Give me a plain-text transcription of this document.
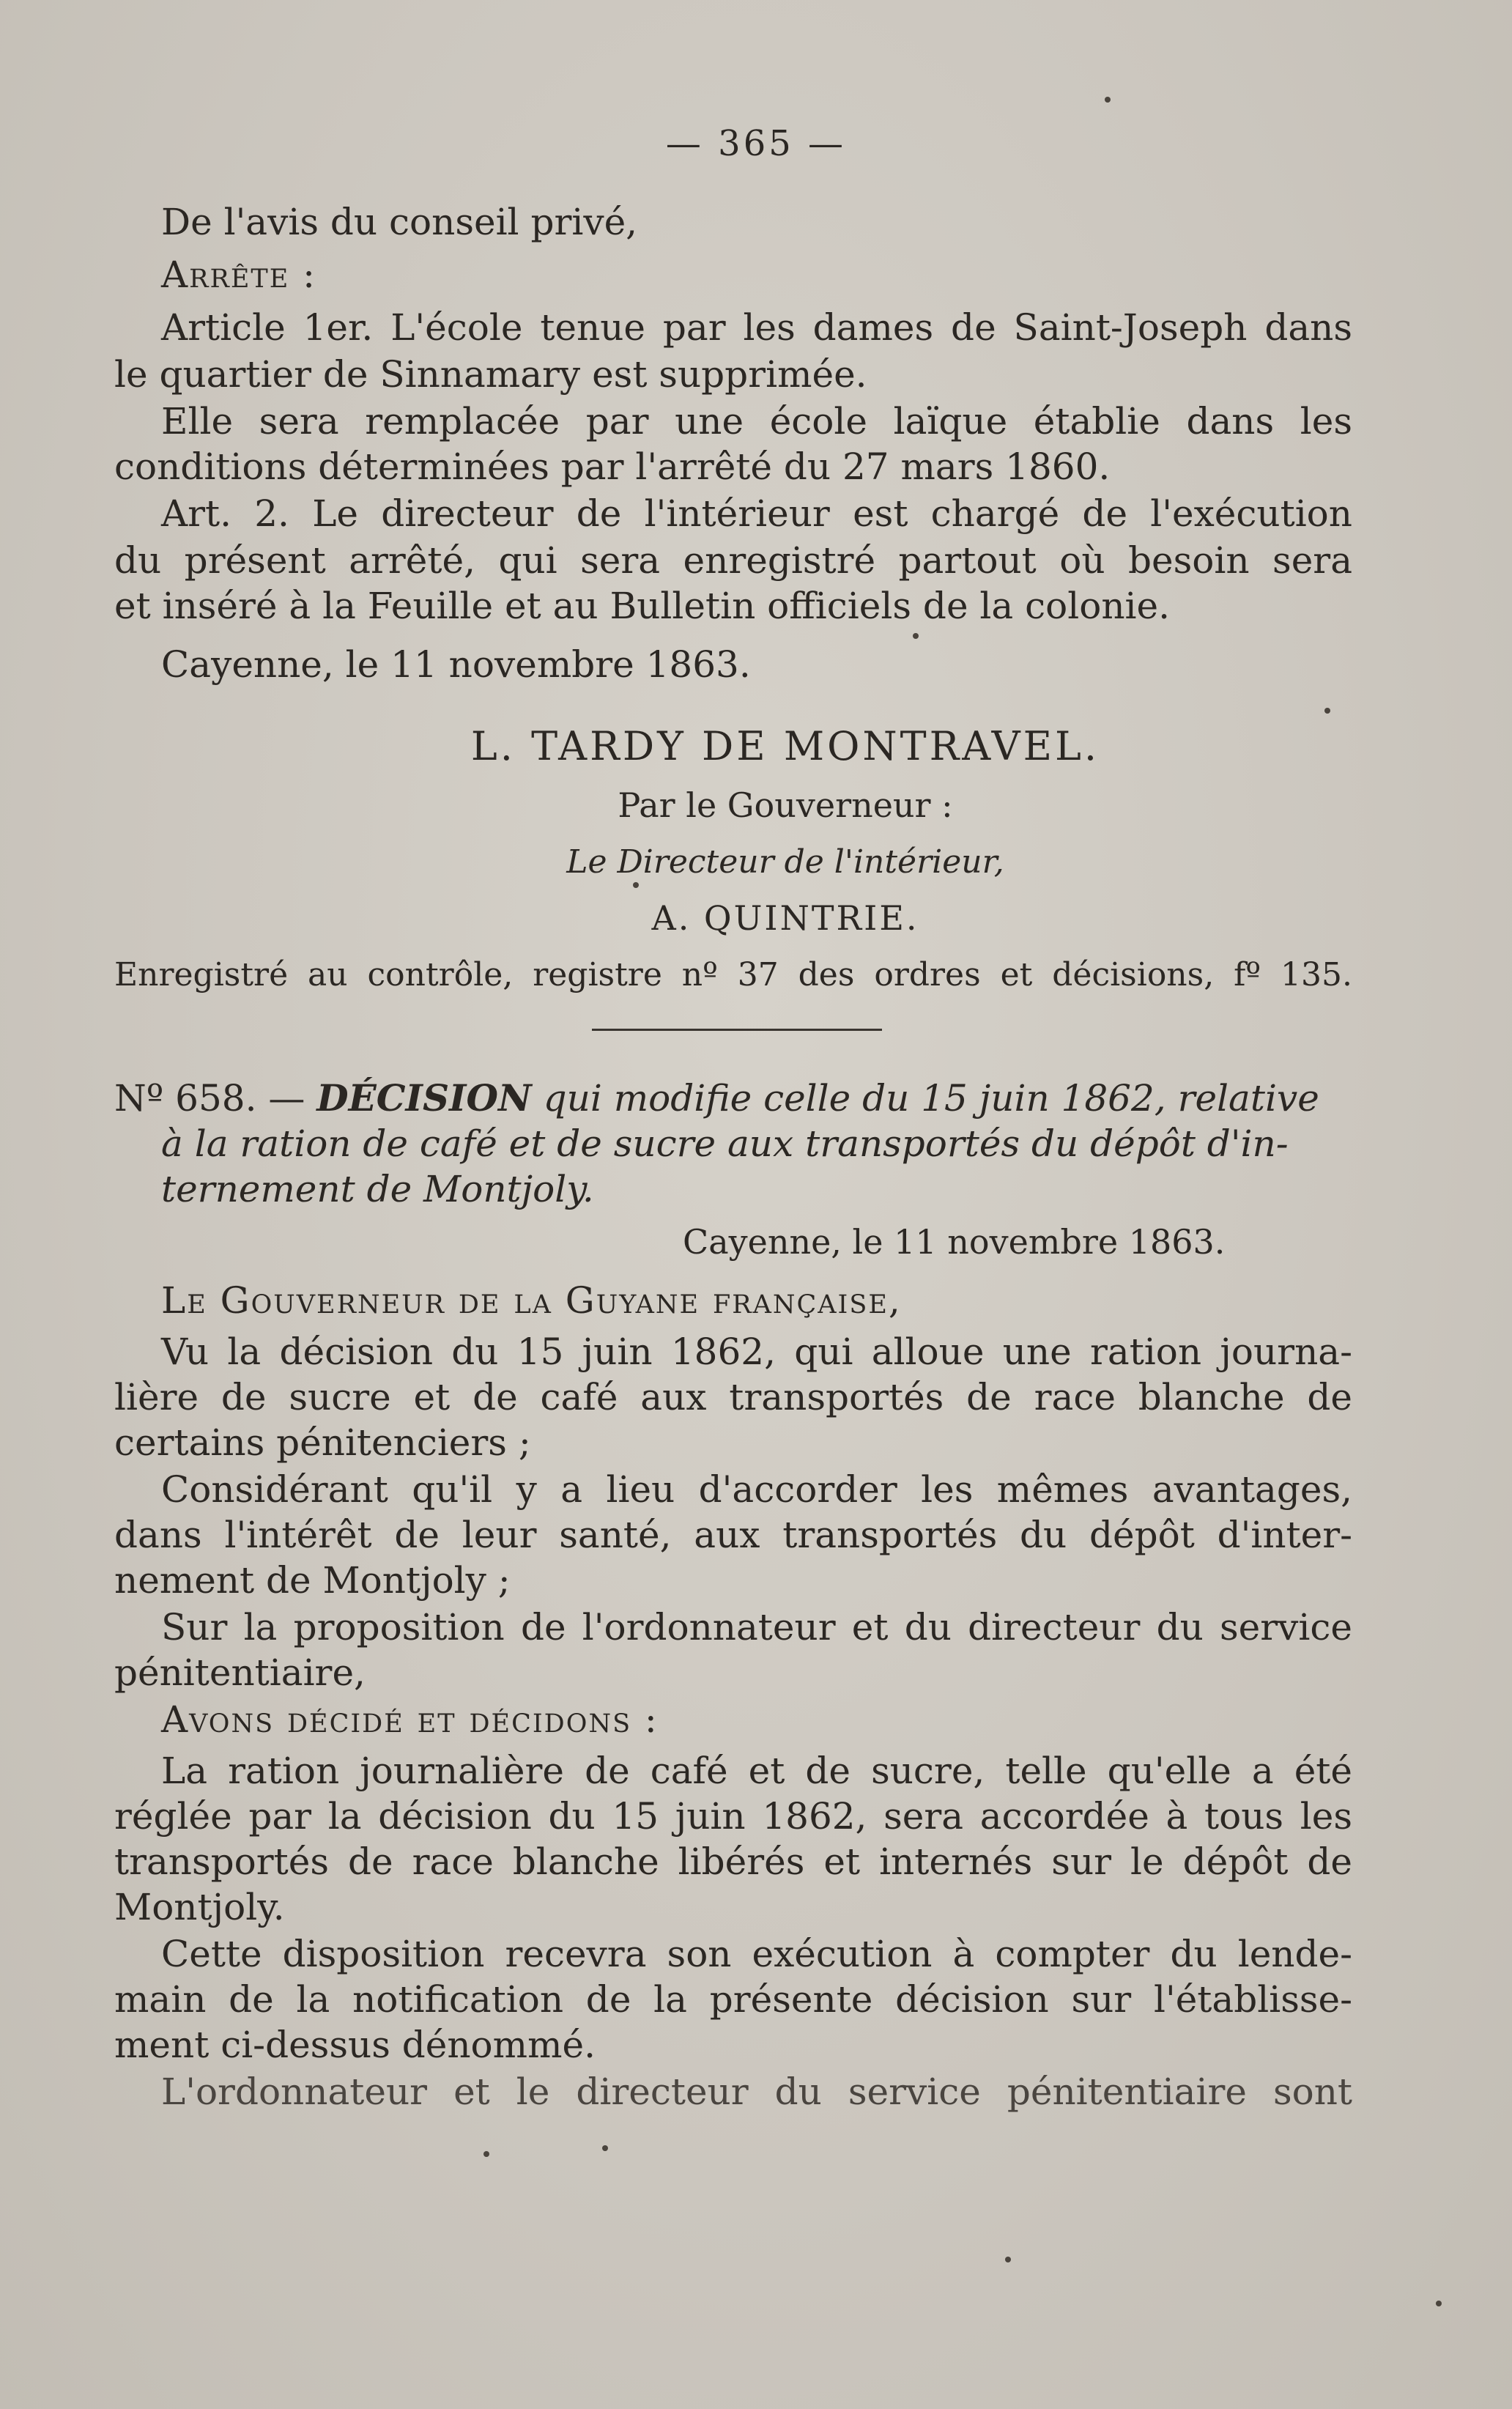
— 365 —
De l'avis du conseil privé,
Arrête :
Article 1er. L'école tenue par les dames de Saint-Joseph dans
le quartier de Sinnamary est supprimée.
Elle sera remplacée par une école laïque établie dans les
conditions déterminées par l'arrêté du 27 mars 1860.
Art. 2. Le directeur de l'intérieur est chargé de l'exécution
du présent arrêté, qui sera enregistré partout où besoin sera
et inséré à la Feuille et au Bulletin officiels de la colonie.
Cayenne, le 11 novembre 1863.
L. TARDY DE MONTRAVEL.
Par le Gouverneur :
Le Directeur de l'intérieur,
A. QUINTRIE.
Enregistré au contrôle, registre nº 37 des ordres et décisions, fº 135.
Nº 658. — DÉCISION qui modifie celle du 15 juin 1862, relative
à la ration de café et de sucre aux transportés du dépôt d'in-
ternement de Montjoly.
Cayenne, le 11 novembre 1863.
Le Gouverneur de la Guyane française,
Vu la décision du 15 juin 1862, qui alloue une ration journa-
lière de sucre et de café aux transportés de race blanche de
certains pénitenciers ;
Considérant qu'il y a lieu d'accorder les mêmes avantages,
dans l'intérêt de leur santé, aux transportés du dépôt d'inter-
nement de Montjoly ;
Sur la proposition de l'ordonnateur et du directeur du service
pénitentiaire,
Avons décidé et décidons :
La ration journalière de café et de sucre, telle qu'elle a été
réglée par la décision du 15 juin 1862, sera accordée à tous les
transportés de race blanche libérés et internés sur le dépôt de
Montjoly.
Cette disposition recevra son exécution à compter du lende-
main de la notification de la présente décision sur l'établisse-
ment ci-dessus dénommé.
L'ordonnateur et le directeur du service pénitentiaire sont
